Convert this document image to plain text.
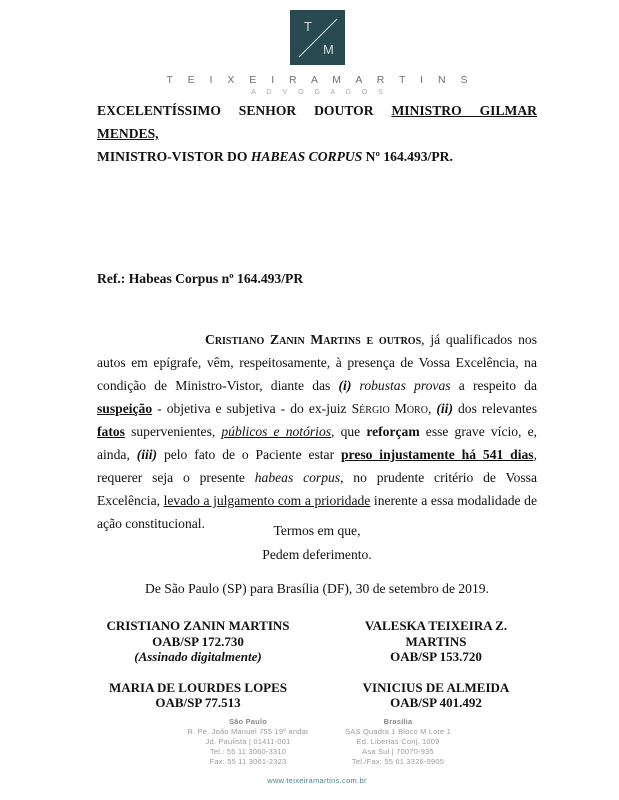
T
M
T E I X E I R A M A R T I N S
A D V O G A D O S
EXCELENTÍSSIMO SENHOR DOUTOR MINISTRO GILMAR MENDES,
MINISTRO-VISTOR DO HABEAS CORPUS Nº 164.493/PR.
Ref.: Habeas Corpus nº 164.493/PR
Cristiano Zanin Martins e outros, já qualificados nos autos em epígrafe, vêm, respeitosamente, à presença de Vossa Excelência, na condição de Ministro-Vistor, diante das (i) robustas provas a respeito da suspeição - objetiva e subjetiva - do ex-juiz Sérgio Moro, (ii) dos relevantes fatos supervenientes, públicos e notórios, que reforçam esse grave vício, e, ainda, (iii) pelo fato de o Paciente estar preso injustamente há 541 dias, requerer seja o presente habeas corpus, no prudente critério de Vossa Excelência, levado a julgamento com a prioridade inerente a essa modalidade de ação constitucional.	Termos em que,
Pedem deferimento.
De São Paulo (SP) para Brasília (DF), 30 de setembro de 2019.
CRISTIANO ZANIN MARTINS
OAB/SP 172.730
(Assinado digitalmente)
VALESKA TEIXEIRA Z. MARTINS
OAB/SP 153.720
MARIA DE LOURDES LOPES
OAB/SP 77.513
VINICIUS DE ALMEIDA
OAB/SP 401.492
São Paulo
R. Pe. João Manuel 755 19º andar
Jd. Paulista | 01411-001
Tel.: 55 11 3060-3310
Fax: 55 11 3061-2323
Brasília
SAS Quadra 1 Bloco M Lote 1
Ed. Libertas Conj. 1009
Asa Sul | 70070-935
Tel./Fax: 55 61 3326-9905
www.teixeiramartins.com.br
